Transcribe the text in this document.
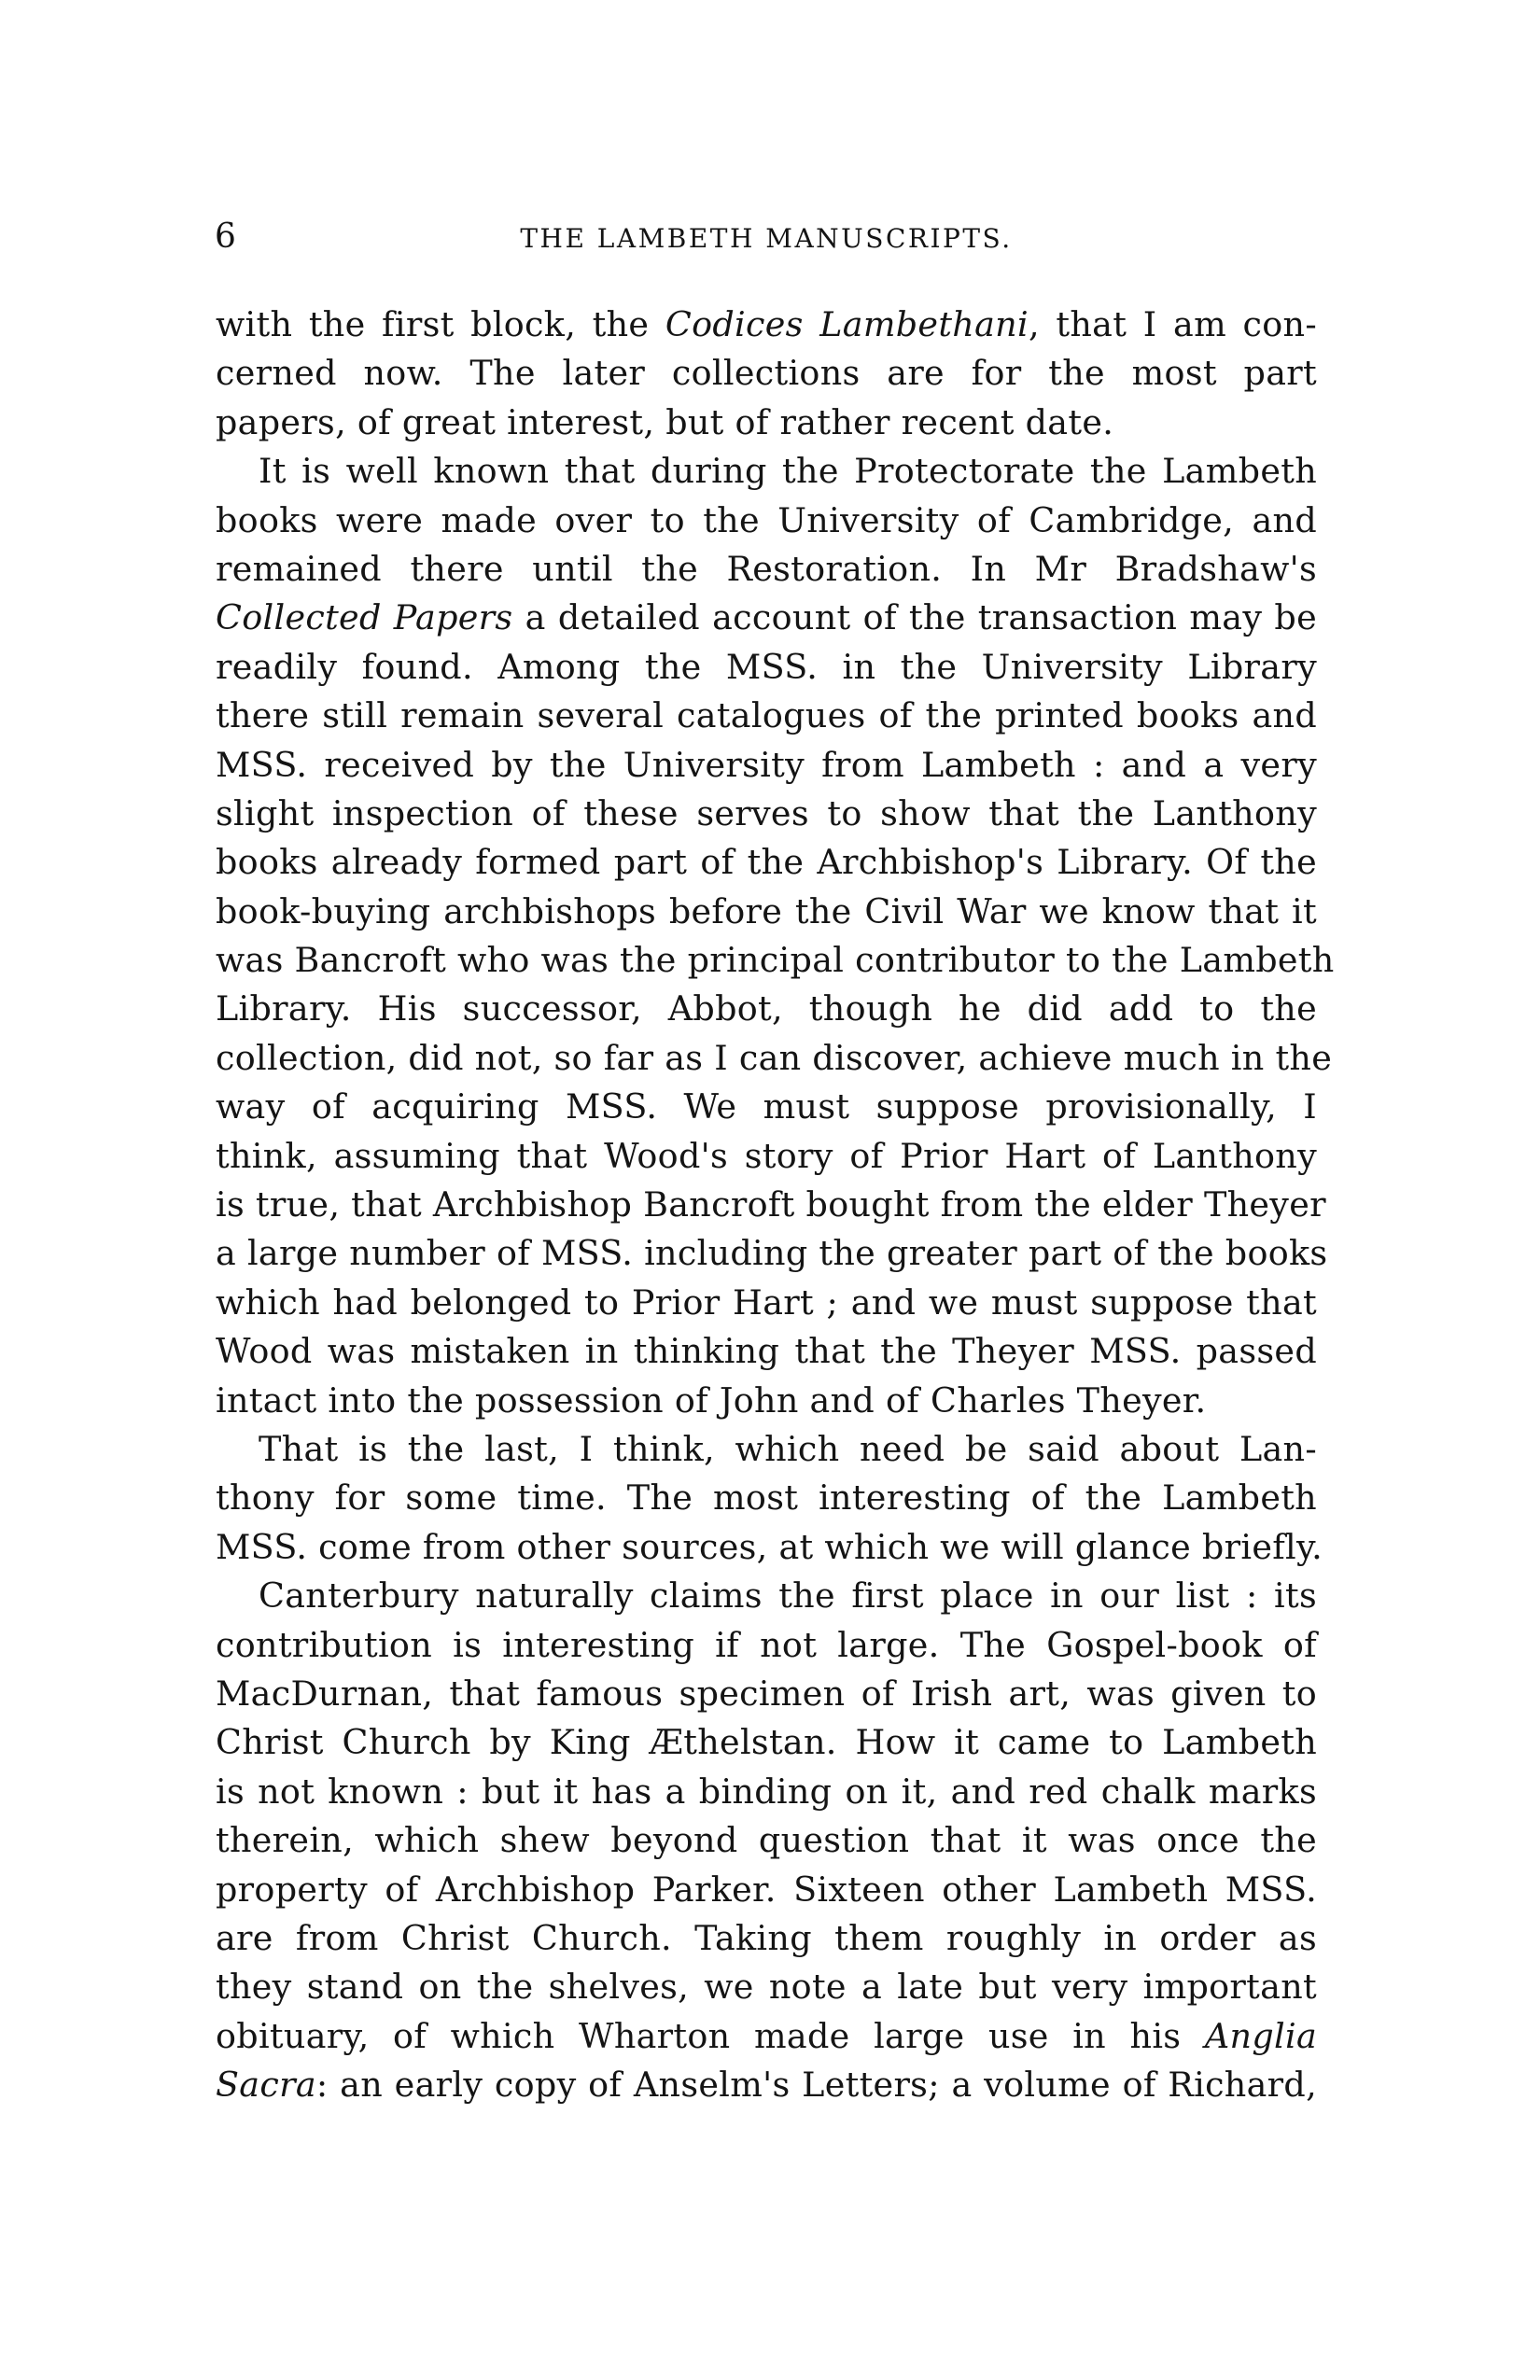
6	THE LAMBETH MANUSCRIPTS.
with the first block, the Codices Lambethani, that I am con-
cerned now. The later collections are for the most part
papers, of great interest, but of rather recent date.
It is well known that during the Protectorate the Lambeth
books were made over to the University of Cambridge, and
remained there until the Restoration. In Mr Bradshaw's
Collected Papers a detailed account of the transaction may be
readily found. Among the MSS. in the University Library
there still remain several catalogues of the printed books and
MSS. received by the University from Lambeth : and a very
slight inspection of these serves to show that the Lanthony
books already formed part of the Archbishop's Library. Of the
book-buying archbishops before the Civil War we know that it
was Bancroft who was the principal contributor to the Lambeth
Library. His successor, Abbot, though he did add to the
collection, did not, so far as I can discover, achieve much in the
way of acquiring MSS. We must suppose provisionally, I
think, assuming that Wood's story of Prior Hart of Lanthony
is true, that Archbishop Bancroft bought from the elder Theyer
a large number of MSS. including the greater part of the books
which had belonged to Prior Hart ; and we must suppose that
Wood was mistaken in thinking that the Theyer MSS. passed
intact into the possession of John and of Charles Theyer.
That is the last, I think, which need be said about Lan-
thony for some time. The most interesting of the Lambeth
MSS. come from other sources, at which we will glance briefly.
Canterbury naturally claims the first place in our list : its
contribution is interesting if not large. The Gospel-book of
MacDurnan, that famous specimen of Irish art, was given to
Christ Church by King Æthelstan. How it came to Lambeth
is not known : but it has a binding on it, and red chalk marks
therein, which shew beyond question that it was once the
property of Archbishop Parker. Sixteen other Lambeth MSS.
are from Christ Church. Taking them roughly in order as
they stand on the shelves, we note a late but very important
obituary, of which Wharton made large use in his Anglia
Sacra: an early copy of Anselm's Letters; a volume of Richard,
